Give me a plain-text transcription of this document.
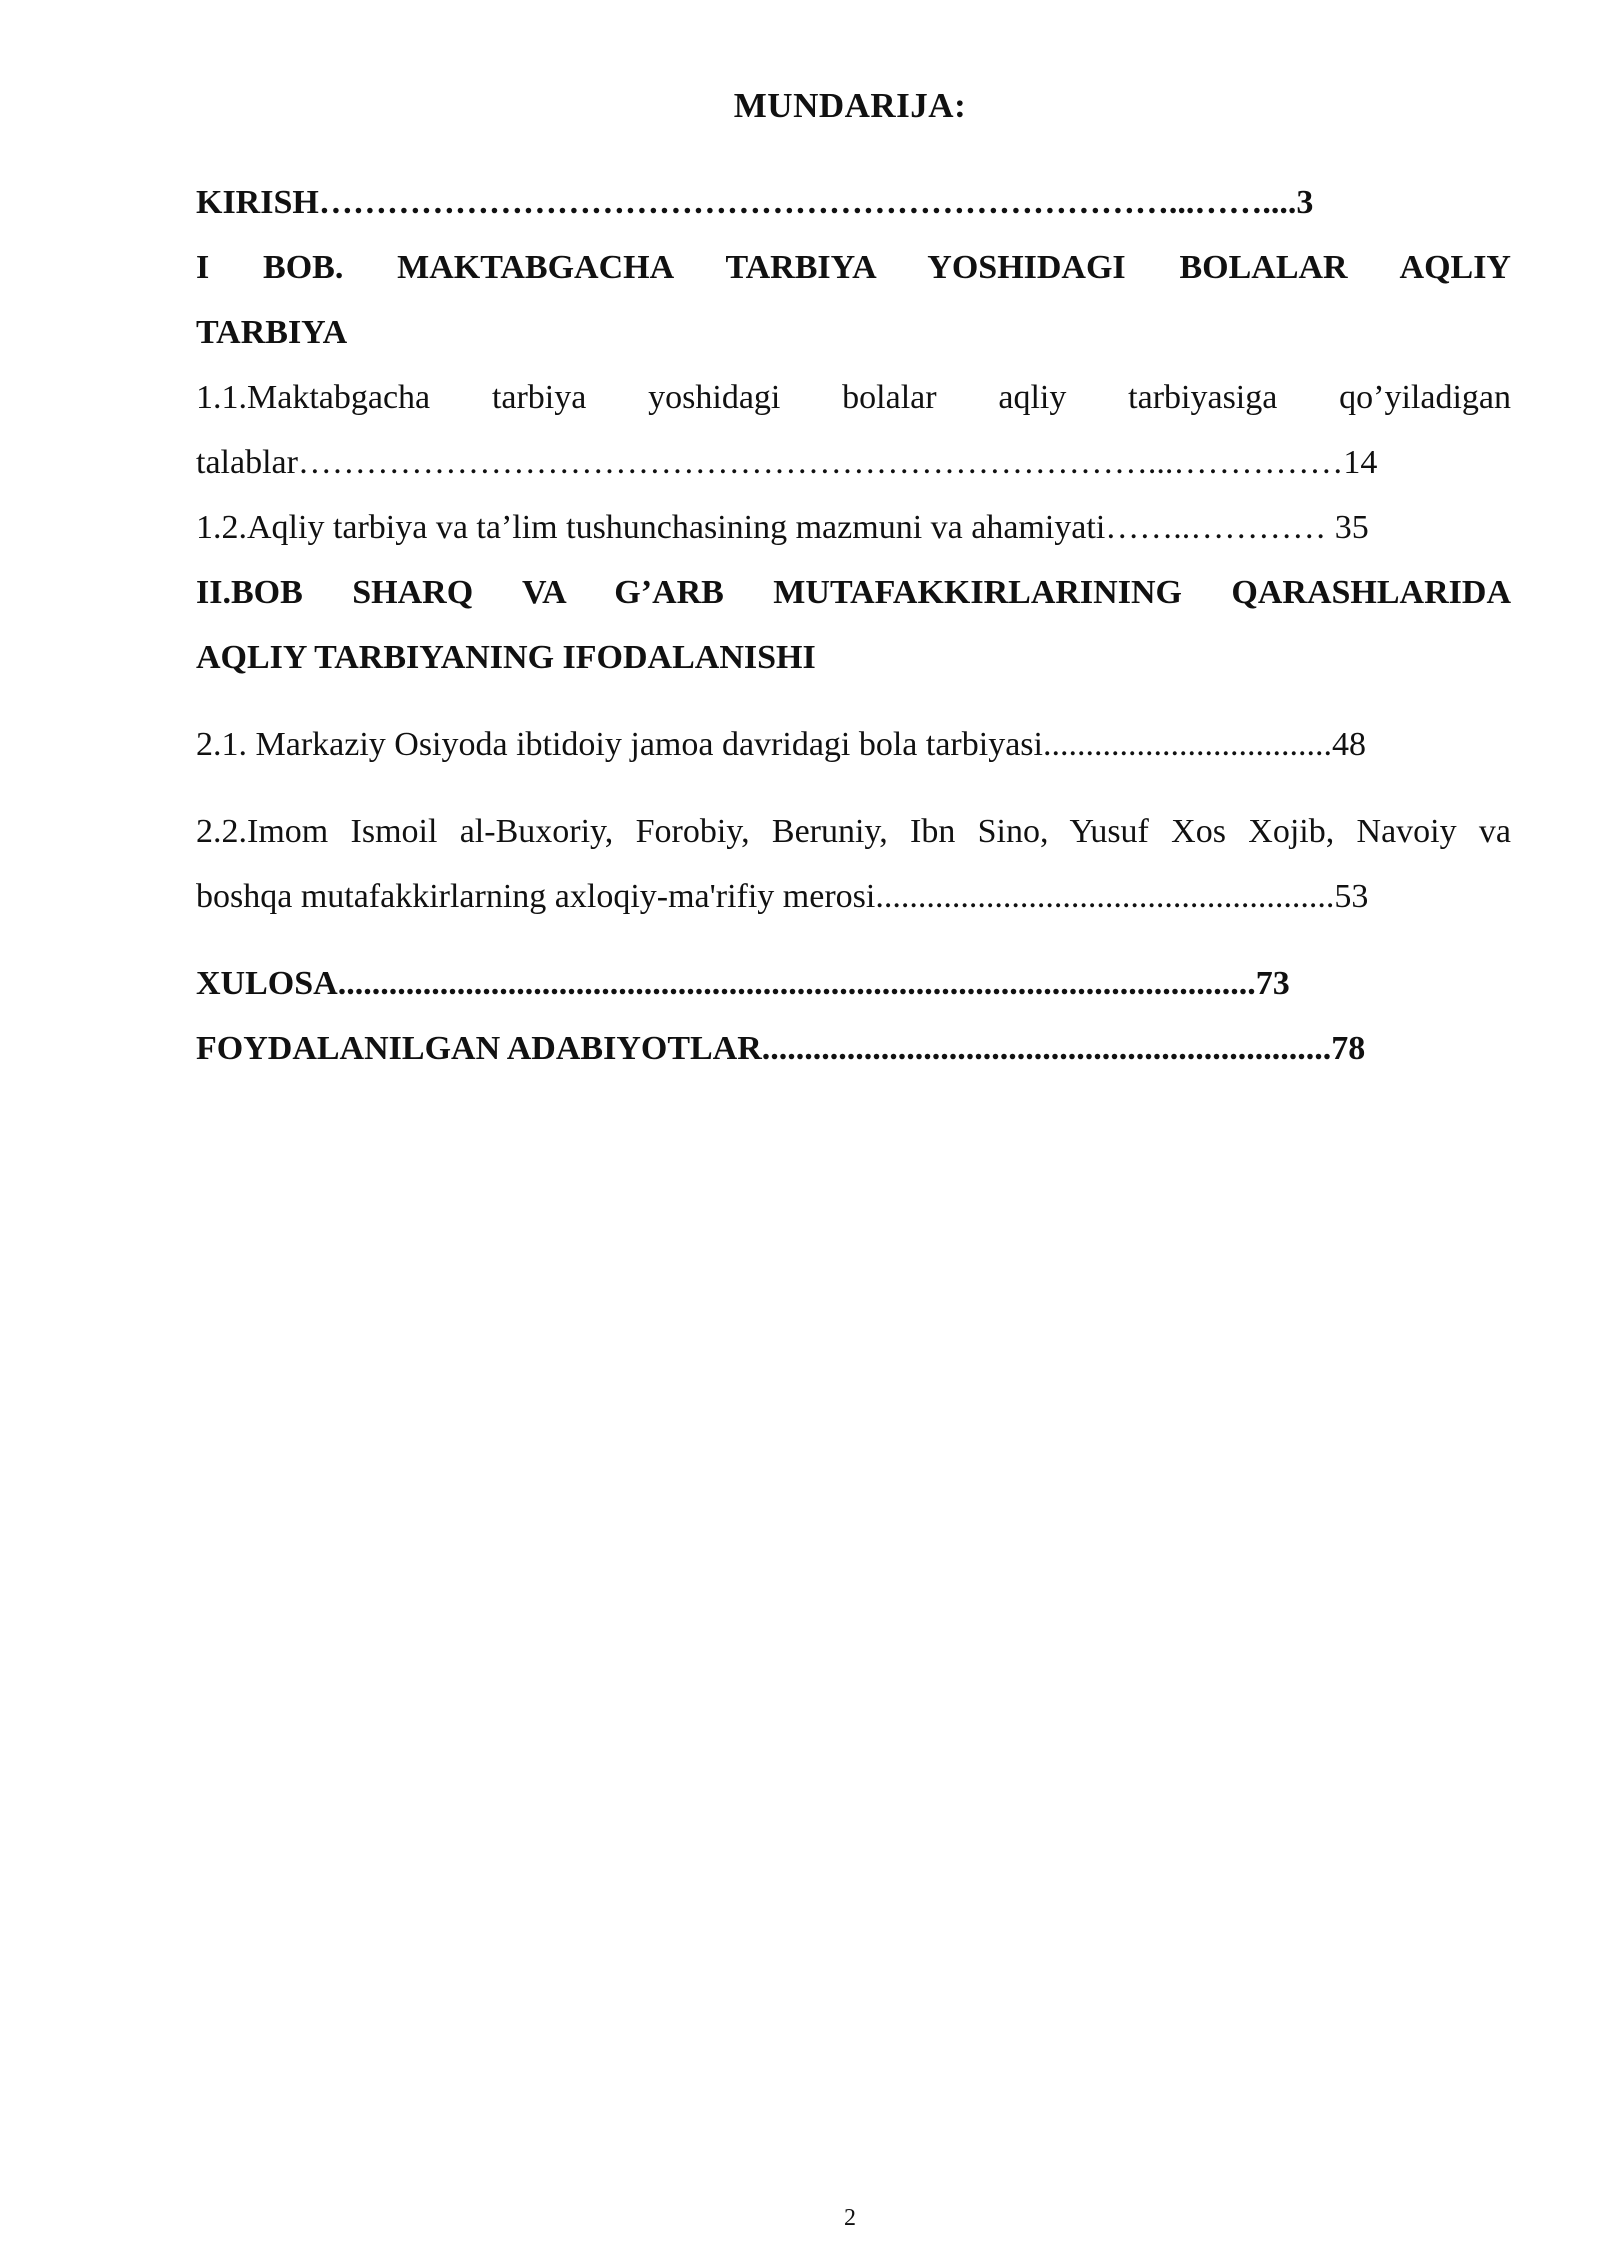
MUNDARIJA:
KIRISH…………………………………………………………………...……....3
I BOB. MAKTABGACHA TARBIYA YOSHIDAGI BOLALAR AQLIY
TARBIYA
1.1.Maktabgacha tarbiya yoshidagi bolalar aqliy tarbiyasiga qo’yiladigan
talablar…………………………………………………………………...……………14
1.2.Aqliy tarbiya va ta’lim tushunchasining mazmuni va ahamiyati……..………… 35
II.BOB SHARQ VA G’ARB MUTAFAKKIRLARINING QARASHLARIDA
AQLIY TARBIYANING IFODALANISHI
2.1. Markaziy Osiyoda ibtidoiy jamoa davridagi bola tarbiyasi..................................48
2.2.Imom Ismoil al-Buxoriy, Forobiy, Beruniy, Ibn Sino, Yusuf Xos Xojib, Navoiy va
boshqa mutafakkirlarning axloqiy-ma'rifiy merosi......................................................53
XULOSA............................................................................................................73
FOYDALANILGAN ADABIYOTLAR...................................................................78
2
